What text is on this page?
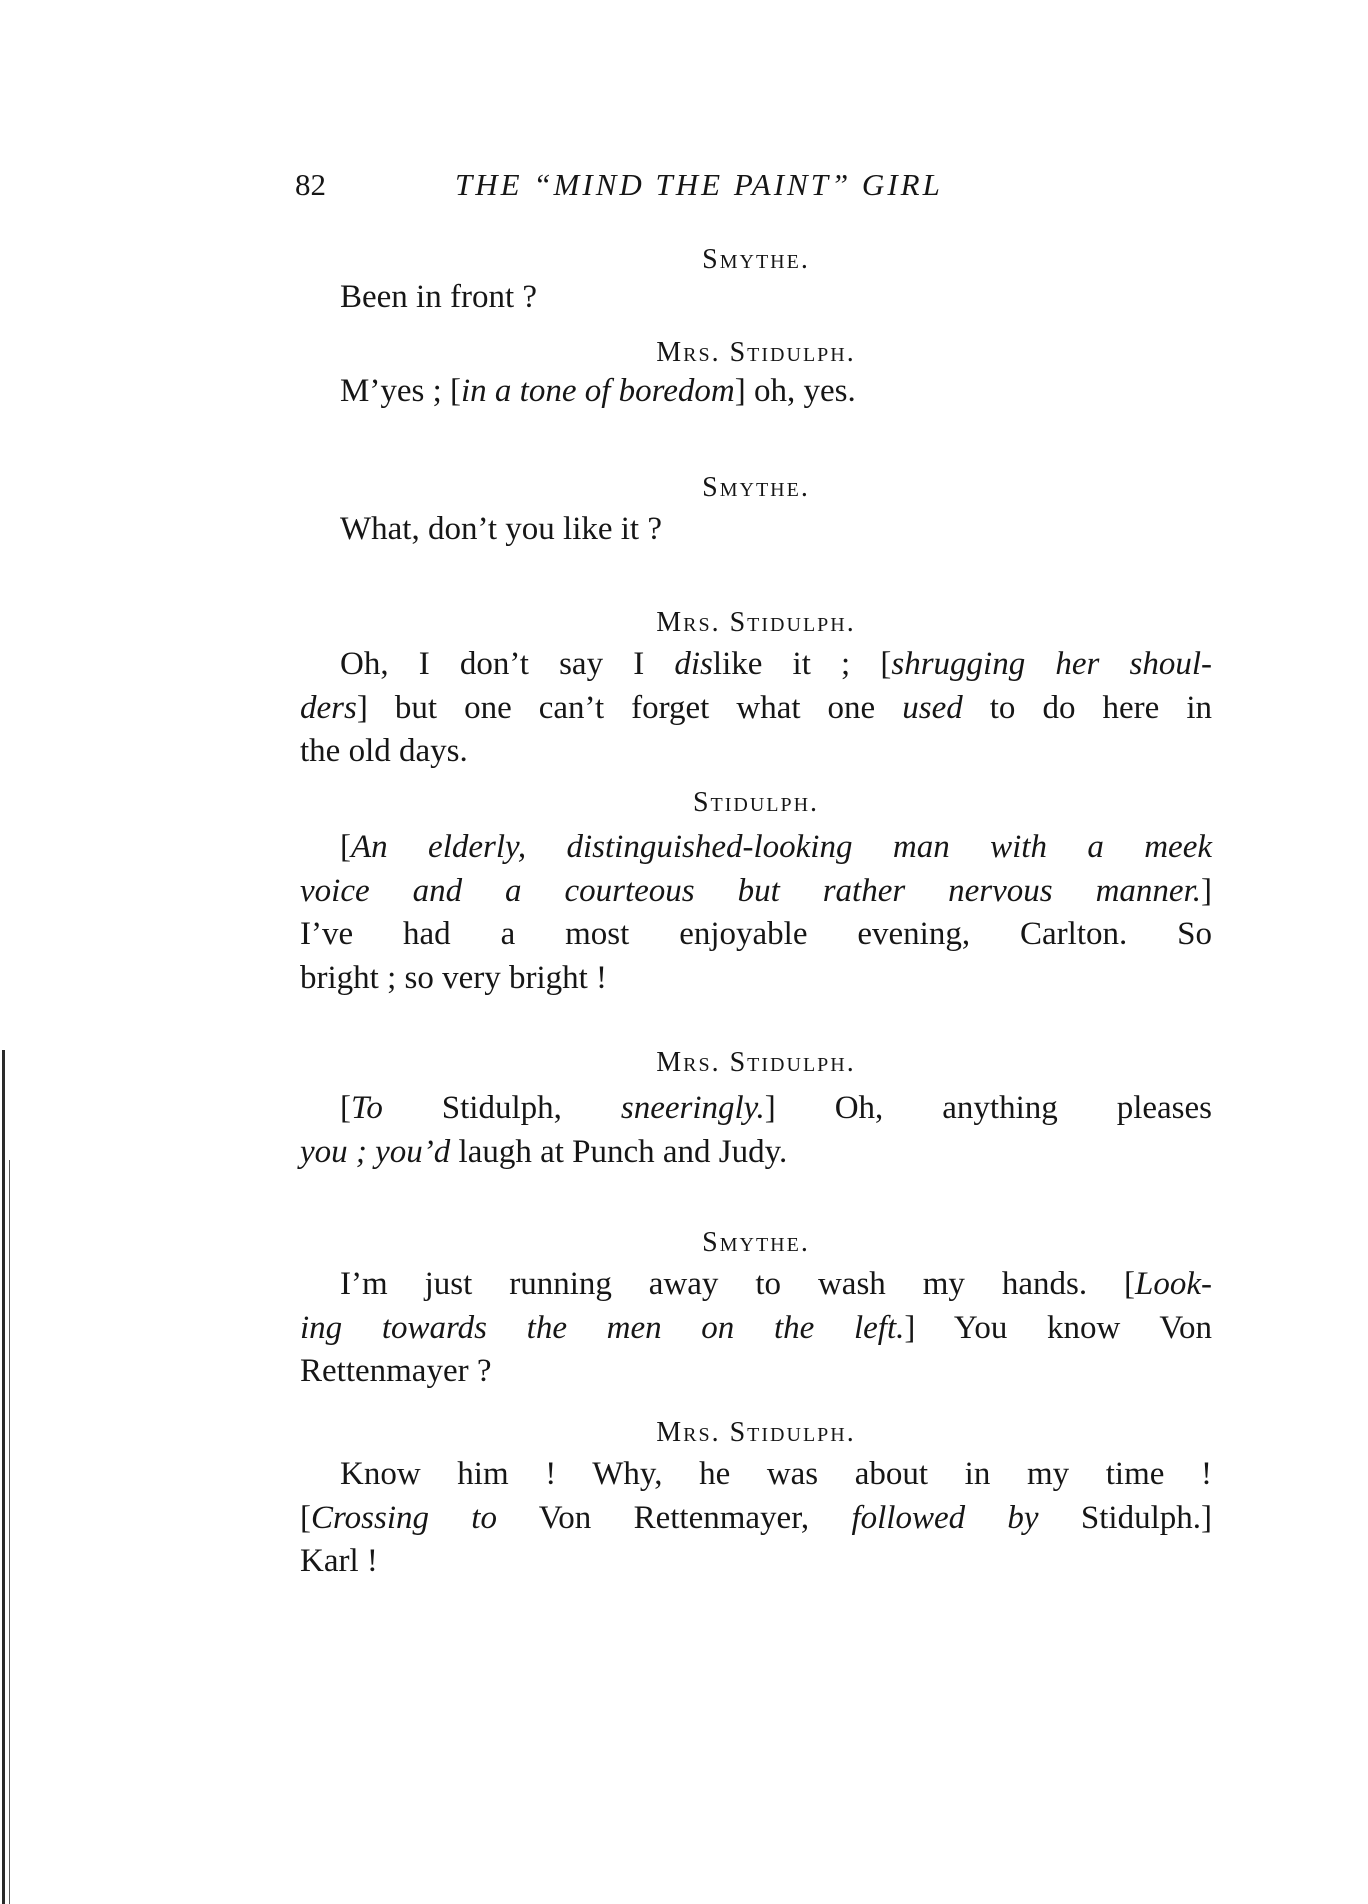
82	THE “MIND THE PAINT” GIRL
Smythe.
Been in front ?
Mrs. Stidulph.
M’yes ; [in a tone of boredom] oh, yes.
Smythe.
What, don’t you like it ?
Mrs. Stidulph.
Oh, I don’t say I dislike it ; [shrugging her shoul-
ders] but one can’t forget what one used to do here in
the old days.
Stidulph.
[An elderly, distinguished-looking man with a meek
voice and a courteous but rather nervous manner.]
I’ve had a most enjoyable evening, Carlton. So
bright ; so very bright !
Mrs. Stidulph.
[To Stidulph, sneeringly.] Oh, anything pleases
you ; you’d laugh at Punch and Judy.
Smythe.
I’m just running away to wash my hands. [Look-
ing towards the men on the left.] You know Von
Rettenmayer ?
Mrs. Stidulph.
Know him ! Why, he was about in my time !
[Crossing to Von Rettenmayer, followed by Stidulph.]
Karl !
